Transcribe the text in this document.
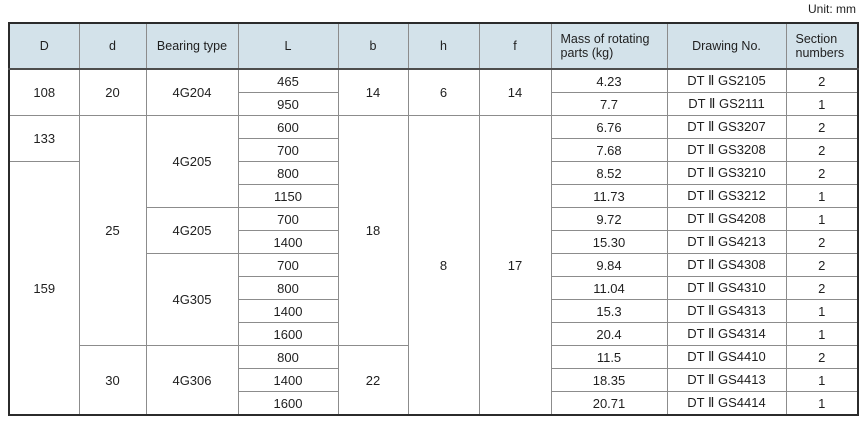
Unit: mm
D	d	Bearing type	L	b	h	f	Mass of rotating parts (kg)	Drawing No.	Section numbers
108	20	4G204	465	14	6	14	4.23	DT Ⅱ GS2105	2
			950				7.7	DT Ⅱ GS2111	1
133	25	4G205	600	18	8	17	6.76	DT Ⅱ GS3207	2
			700				7.68	DT Ⅱ GS3208	2
159			800				8.52	DT Ⅱ GS3210	2
			1150				11.73	DT Ⅱ GS3212	1
		4G205	700				9.72	DT Ⅱ GS4208	1
			1400				15.30	DT Ⅱ GS4213	2
		4G305	700				9.84	DT Ⅱ GS4308	2
			800				11.04	DT Ⅱ GS4310	2
			1400				15.3	DT Ⅱ GS4313	1
			1600				20.4	DT Ⅱ GS4314	1
	30	4G306	800	22			11.5	DT Ⅱ GS4410	2
			1400				18.35	DT Ⅱ GS4413	1
			1600				20.71	DT Ⅱ GS4414	1
